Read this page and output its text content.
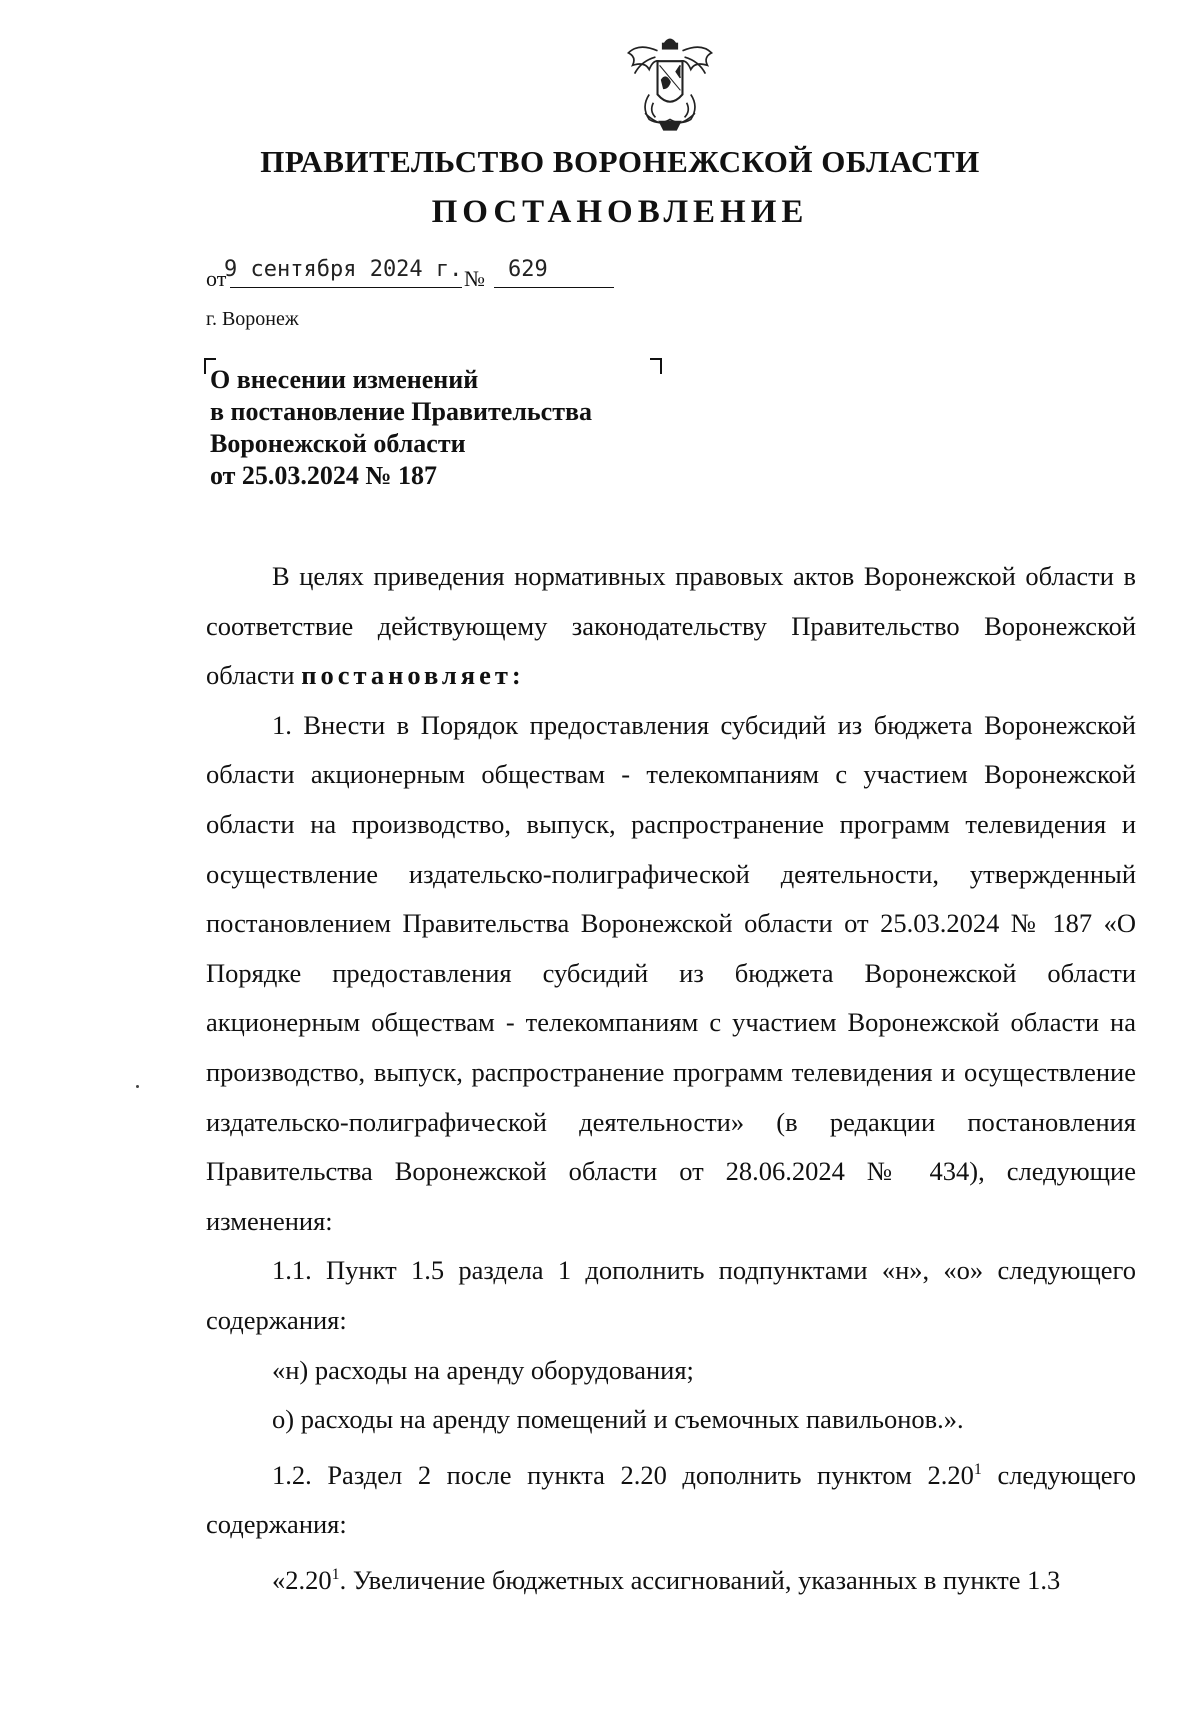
ПРАВИТЕЛЬСТВО ВОРОНЕЖСКОЙ ОБЛАСТИ
ПОСТАНОВЛЕНИЕ
от
9 сентября 2024 г. № 629
г. Воронеж
О внесении изменений
в постановление Правительства
Воронежской области
от 25.03.2024 № 187

В целях приведения нормативных правовых актов Воронежской области в соответствие действующему законодательству Правительство Воронежской области постановляет:

1. Внести в Порядок предоставления субсидий из бюджета Воронежской области акционерным обществам - телекомпаниям с участием Воронежской области на производство, выпуск, распространение программ телевидения и осуществление издательско-полиграфической деятельности, утвержденный постановлением Правительства Воронежской области от 25.03.2024 № 187 «О Порядке предоставления субсидий из бюджета Воронежской области акционерным обществам - телекомпаниям с участием Воронежской области на производство, выпуск, распространение программ телевидения и осуществление издательско-полиграфической деятельности» (в редакции постановления Правительства Воронежской области от 28.06.2024 № 434), следующие изменения:

1.1. Пункт 1.5 раздела 1 дополнить подпунктами «н», «о» следующего содержания:

«н) расходы на аренду оборудования;

о) расходы на аренду помещений и съемочных павильонов.».

1.2. Раздел 2 после пункта 2.20 дополнить пунктом 2.20$^1$ следующего содержания:

«2.20$^1$. Увеличение бюджетных ассигнований, указанных в пункте 1.3
